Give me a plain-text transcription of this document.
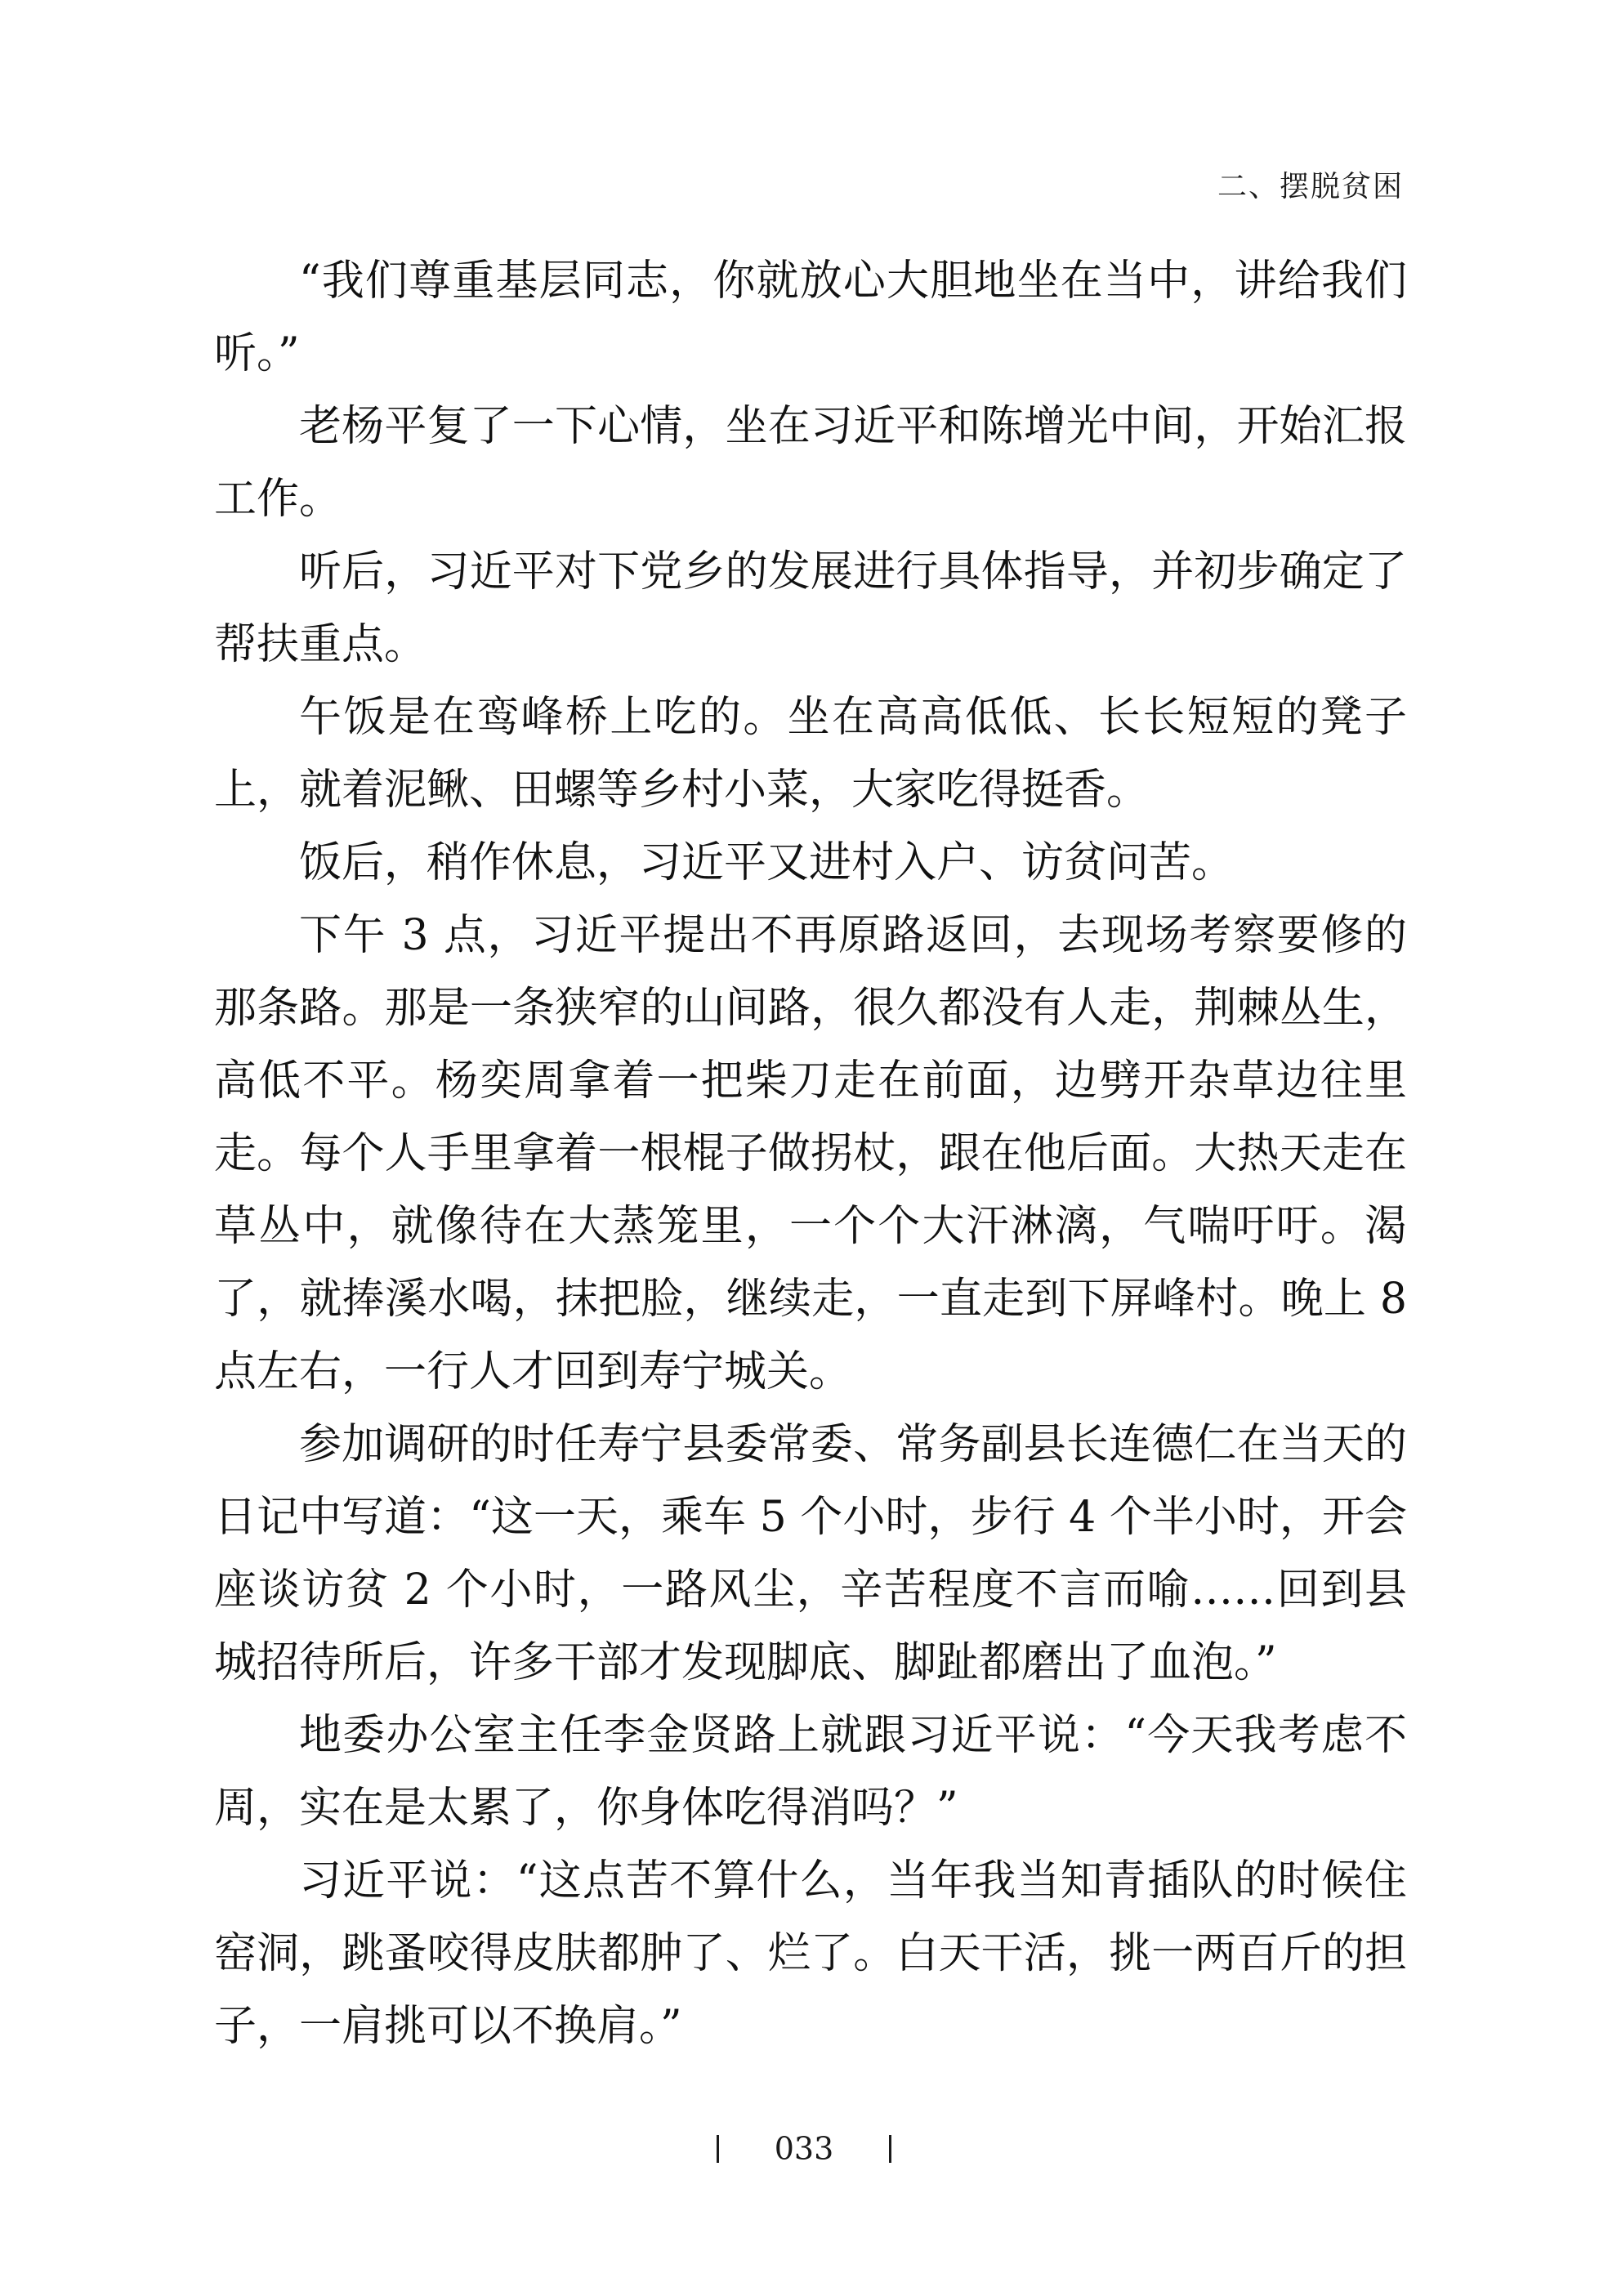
二、摆脱贫困

“我们尊重基层同志，你就放心大胆地坐在当中，讲给我们听。”

老杨平复了一下心情，坐在习近平和陈增光中间，开始汇报工作。

听后，习近平对下党乡的发展进行具体指导，并初步确定了帮扶重点。

午饭是在鸾峰桥上吃的。坐在高高低低、长长短短的凳子上，就着泥鳅、田螺等乡村小菜，大家吃得挺香。

饭后，稍作休息，习近平又进村入户、访贫问苦。

下午 3 点，习近平提出不再原路返回，去现场考察要修的那条路。那是一条狭窄的山间路，很久都没有人走，荆棘丛生，高低不平。杨奕周拿着一把柴刀走在前面，边劈开杂草边往里走。每个人手里拿着一根棍子做拐杖，跟在他后面。大热天走在草丛中，就像待在大蒸笼里，一个个大汗淋漓，气喘吁吁。渴了，就捧溪水喝，抹把脸，继续走，一直走到下屏峰村。晚上 8 点左右，一行人才回到寿宁城关。

参加调研的时任寿宁县委常委、常务副县长连德仁在当天的日记中写道：“这一天，乘车 5 个小时，步行 4 个半小时，开会座谈访贫 2 个小时，一路风尘，辛苦程度不言而喻……回到县城招待所后，许多干部才发现脚底、脚趾都磨出了血泡。”

地委办公室主任李金贤路上就跟习近平说：“今天我考虑不周，实在是太累了，你身体吃得消吗？”

习近平说：“这点苦不算什么，当年我当知青插队的时候住窑洞，跳蚤咬得皮肤都肿了、烂了。白天干活，挑一两百斤的担子，一肩挑可以不换肩。”

033
